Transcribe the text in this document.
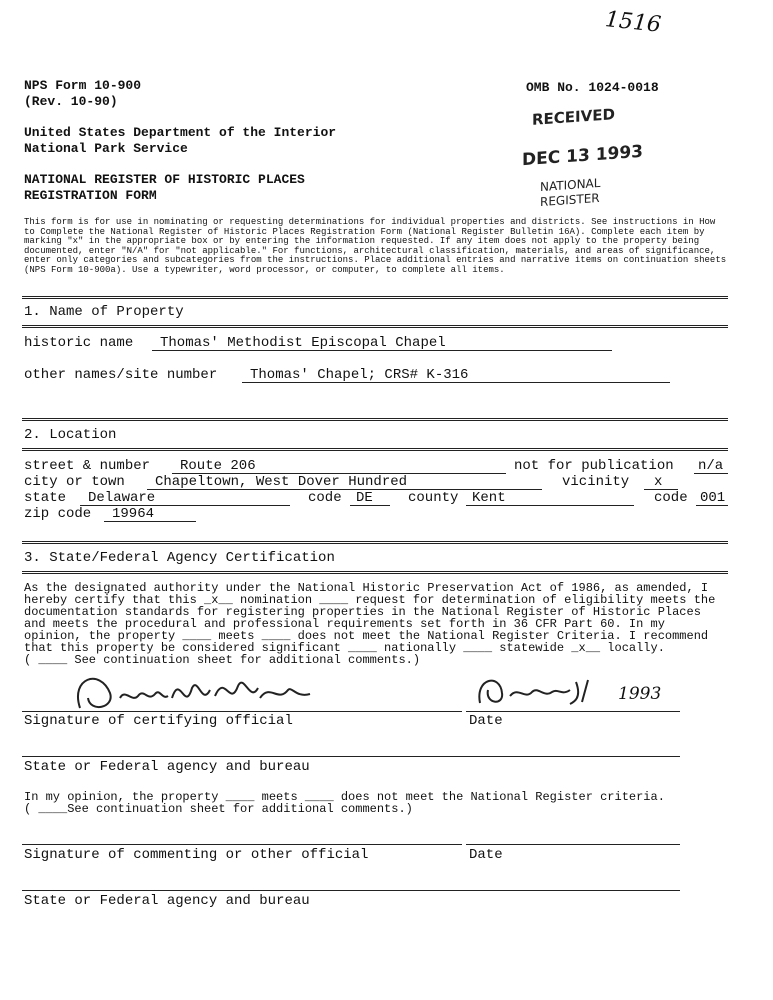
1516
NPS Form 10-900
(Rev. 10-90)
OMB No. 1024-0018
United States Department of the Interior
National Park Service
NATIONAL REGISTER OF HISTORIC PLACES
REGISTRATION FORM
RECEIVED
DEC 13 1993
NATIONAL
REGISTER
This form is for use in nominating or requesting determinations for individual properties and districts. See instructions in How to Complete the National Register of Historic Places Registration Form (National Register Bulletin 16A). Complete each item by marking "x" in the appropriate box or by entering the information requested. If any item does not apply to the property being documented, enter "N/A" for "not applicable." For functions, architectural classification, materials, and areas of significance, enter only categories and subcategories from the instructions. Place additional entries and narrative items on continuation sheets (NPS Form 10-900a). Use a typewriter, word processor, or computer, to complete all items.
1. Name of Property
historic name Thomas' Methodist Episcopal Chapel
other names/site number Thomas' Chapel; CRS# K-316
2. Location
street & number Route 206	not for publication n/a
city or town Chapeltown, West Dover Hundred	vicinity x
state Delaware	code DE	county Kent	code 001
zip code 19964
3. State/Federal Agency Certification
As the designated authority under the National Historic Preservation Act of 1986, as amended, I
hereby certify that this _x__ nomination ____ request for determination of eligibility meets the
documentation standards for registering properties in the National Register of Historic Places
and meets the procedural and professional requirements set forth in 36 CFR Part 60. In my
opinion, the property ____ meets ____ does not meet the National Register Criteria. I recommend
that this property be considered significant ____ nationally ____ statewide _x__ locally.
( ____ See continuation sheet for additional comments.)
1993
Signature of certifying official	Date
State or Federal agency and bureau
In my opinion, the property ____ meets ____ does not meet the National Register criteria.
( ____See continuation sheet for additional comments.)
Signature of commenting or other official	Date
State or Federal agency and bureau
